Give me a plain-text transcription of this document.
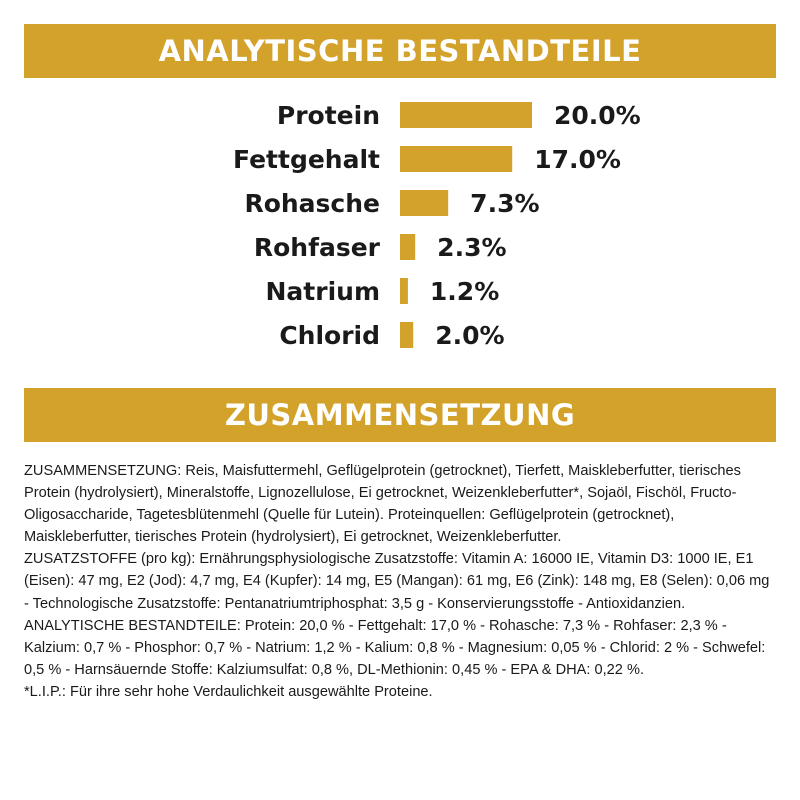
ANALYTISCHE BESTANDTEILE
Protein	20.0%
Fettgehalt	17.0%
Rohasche	7.3%
Rohfaser 2.3%
Natrium 1.2%
Chlorid 2.0%
ZUSAMMENSETZUNG

ZUSAMMENSETZUNG: Reis, Maisfuttermehl, Geflügelprotein (getrocknet), Tierfett, Maiskleberfutter, tierisches Protein (hydrolysiert), Mineralstoffe, Lignozellulose, Ei getrocknet, Weizenkleberfutter*, Sojaöl, Fischöl, Fructo-Oligosaccharide, Tagetesblütenmehl (Quelle für Lutein). Proteinquellen: Geflügelprotein (getrocknet), Maiskleberfutter, tierisches Protein (hydrolysiert), Ei getrocknet, Weizenkleberfutter.

ZUSATZSTOFFE (pro kg): Ernährungsphysiologische Zusatzstoffe: Vitamin A: 16000 IE, Vitamin D3: 1000 IE, E1 (Eisen): 47 mg, E2 (Jod): 4,7 mg, E4 (Kupfer): 14 mg, E5 (Mangan): 61 mg, E6 (Zink): 148 mg, E8 (Selen): 0,06 mg - Technologische Zusatzstoffe: Pentanatriumtriphosphat: 3,5 g - Konservierungsstoffe - Antioxidanzien.

ANALYTISCHE BESTANDTEILE: Protein: 20,0 % - Fettgehalt: 17,0 % - Rohasche: 7,3 % - Rohfaser: 2,3 % - Kalzium: 0,7 % - Phosphor: 0,7 % - Natrium: 1,2 % - Kalium: 0,8 % - Magnesium: 0,05 % - Chlorid: 2 % - Schwefel: 0,5 % - Harnsäuernde Stoffe: Kalziumsulfat: 0,8 %, DL-Methionin: 0,45 % - EPA & DHA: 0,22 %.

*L.I.P.: Für ihre sehr hohe Verdaulichkeit ausgewählte Proteine.
